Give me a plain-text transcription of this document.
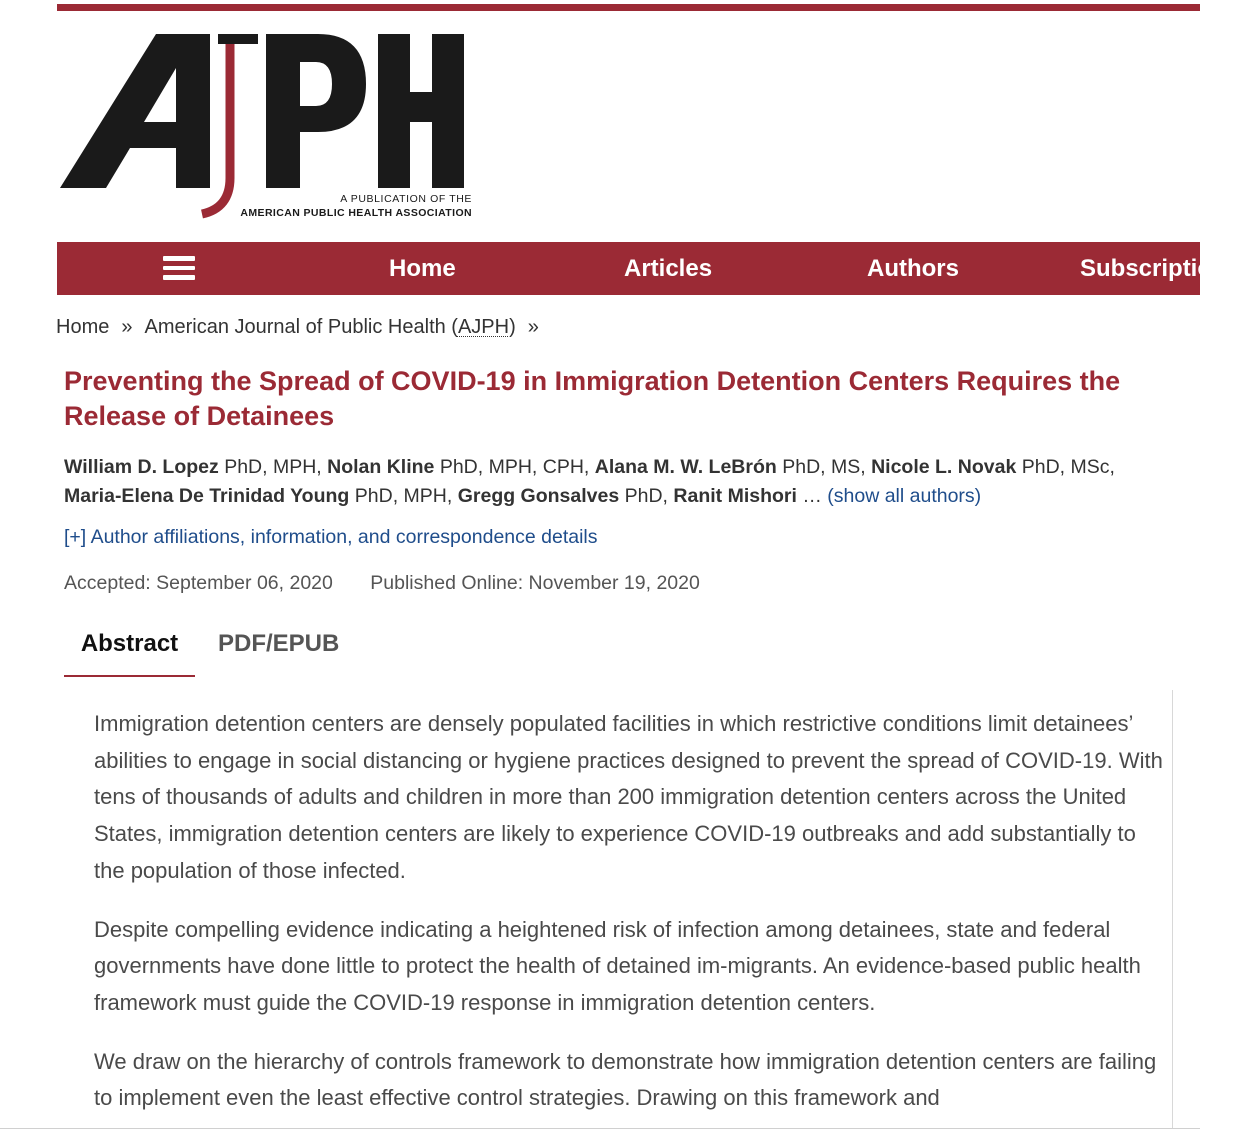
A PUBLICATION OF THE
AMERICAN PUBLIC HEALTH ASSOCIATION
Home	Articles	Authors	Subscriptions
Home » American Journal of Public Health (AJPH) »
Preventing the Spread of COVID-19 in Immigration Detention Centers Requires the Release of Detainees
William D. Lopez PhD, MPH, Nolan Kline PhD, MPH, CPH, Alana M. W. LeBrón PhD, MS, Nicole L. Novak PhD, MSc,
Maria-Elena De Trinidad Young PhD, MPH, Gregg Gonsalves PhD, Ranit Mishori … (show all authors)
[+] Author affiliations, information, and correspondence details
Accepted: September 06, 2020 Published Online: November 19, 2020
Abstract	PDF/EPUB

Immigration detention centers are densely populated facilities in which restrictive conditions limit detainees’ abilities to engage in social distancing or hygiene practices designed to prevent the spread of COVID-19. With tens of thousands of adults and children in more than 200 immigration detention centers across the United States, immigration detention centers are likely to experience COVID-19 outbreaks and add substantially to the population of those infected.

Despite compelling evidence indicating a heightened risk of infection among detainees, state and federal governments have done little to protect the health of detained im-migrants. An evidence-based public health framework must guide the COVID-19 response in immigration detention centers.

We draw on the hierarchy of controls framework to demonstrate how immigration detention centers are failing to implement even the least effective control strategies. Drawing on this framework and
